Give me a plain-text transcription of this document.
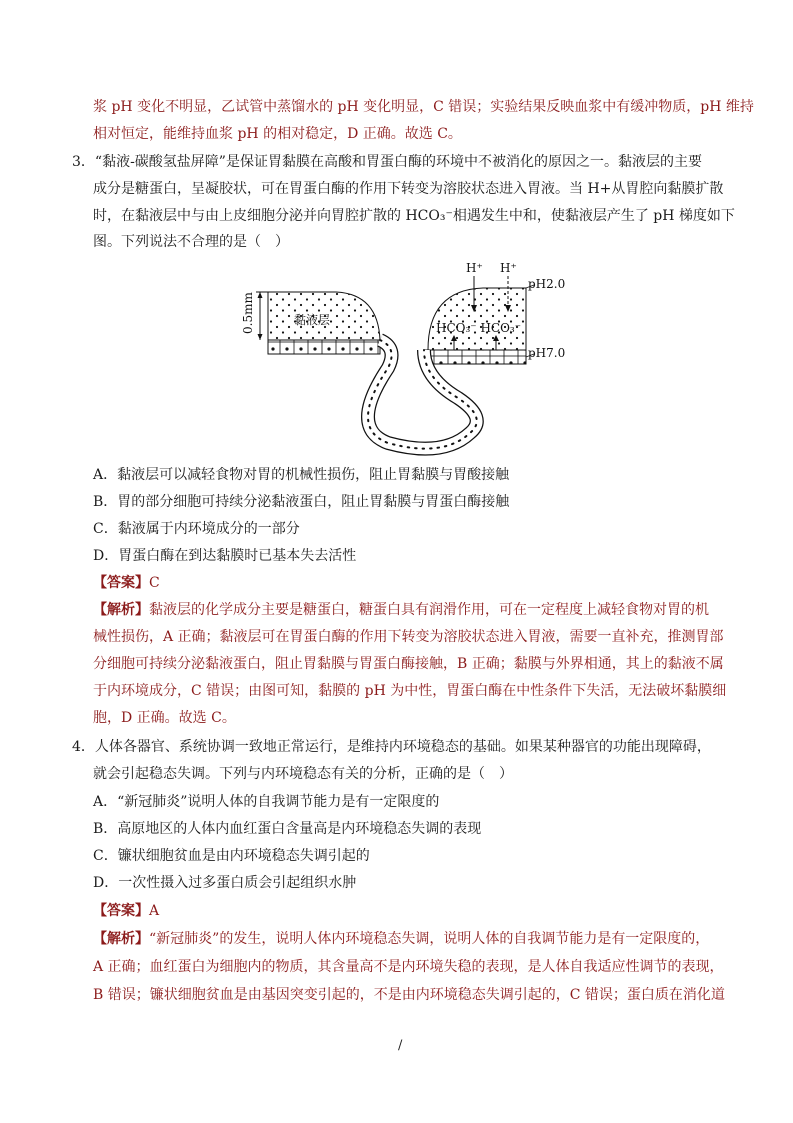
浆 pH 变化不明显，乙试管中蒸馏水的 pH 变化明显，C 错误；实验结果反映血浆中有缓冲物质，pH 维持
相对恒定，能维持血浆 pH 的相对稳定，D 正确。故选 C。
3．“黏液-碳酸氢盐屏障”是保证胃黏膜在高酸和胃蛋白酶的环境中不被消化的原因之一。黏液层的主要
成分是糖蛋白，呈凝胶状，可在胃蛋白酶的作用下转变为溶胶状态进入胃液。当 H+从胃腔向黏膜扩散
时，在黏液层中与由上皮细胞分泌并向胃腔扩散的 HCO₃⁻相遇发生中和，使黏液层产生了 pH 梯度如下
图。下列说法不合理的是（　）
0.5mm	黏液层
H⁺ H⁺
HCO₃⁻ HCO₃⁻
pH2.0
pH7.0
A．黏液层可以减轻食物对胃的机械性损伤，阻止胃黏膜与胃酸接触
B．胃的部分细胞可持续分泌黏液蛋白，阻止胃黏膜与胃蛋白酶接触
C．黏液属于内环境成分的一部分
D．胃蛋白酶在到达黏膜时已基本失去活性
【答案】C
【解析】黏液层的化学成分主要是糖蛋白，糖蛋白具有润滑作用，可在一定程度上减轻食物对胃的机
械性损伤，A 正确；黏液层可在胃蛋白酶的作用下转变为溶胶状态进入胃液，需要一直补充，推测胃部
分细胞可持续分泌黏液蛋白，阻止胃黏膜与胃蛋白酶接触，B 正确；黏膜与外界相通，其上的黏液不属
于内环境成分，C 错误；由图可知，黏膜的 pH 为中性，胃蛋白酶在中性条件下失活，无法破坏黏膜细
胞，D 正确。故选 C。
4．人体各器官、系统协调一致地正常运行，是维持内环境稳态的基础。如果某种器官的功能出现障碍，
就会引起稳态失调。下列与内环境稳态有关的分析，正确的是（　）
A．“新冠肺炎”说明人体的自我调节能力是有一定限度的
B．高原地区的人体内血红蛋白含量高是内环境稳态失调的表现
C．镰状细胞贫血是由内环境稳态失调引起的
D．一次性摄入过多蛋白质会引起组织水肿
【答案】A
【解析】“新冠肺炎”的发生，说明人体内环境稳态失调，说明人体的自我调节能力是有一定限度的，
A 正确；血红蛋白为细胞内的物质，其含量高不是内环境失稳的表现，是人体自我适应性调节的表现，
B 错误；镰状细胞贫血是由基因突变引起的，不是由内环境稳态失调引起的，C 错误；蛋白质在消化道
/
